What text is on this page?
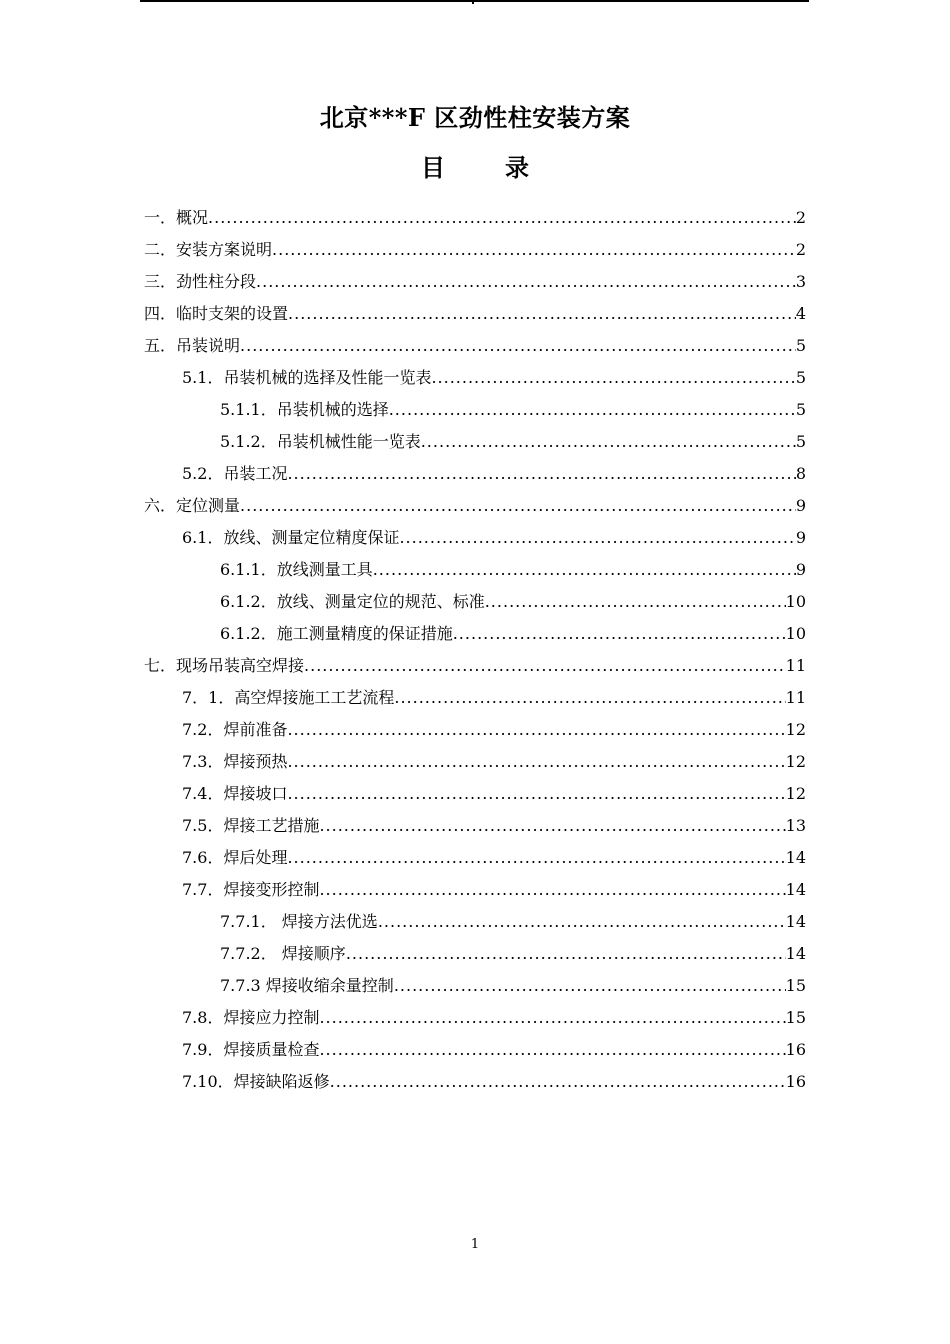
北京***F 区劲性柱安装方案
目	录
一．概况 .....	2
二．安装方案说明 .....	2
三．劲性柱分段 .....	3
四．临时支架的设置 .....	4
五．吊装说明 .....	5
5.1．吊装机械的选择及性能一览表 .....	5
5.1.1．吊装机械的选择 .....	5
5.1.2．吊装机械性能一览表 .....	5
5.2．吊装工况 .....	8
六．定位测量 .....	9
6.1．放线、测量定位精度保证 .....	9
6.1.1．放线测量工具 .....	9
6.1.2．放线、测量定位的规范、标准 .....	10
6.1.2．施工测量精度的保证措施 .....	10
七．现场吊装高空焊接 .....	11
7．1．高空焊接施工工艺流程 .....	11
7.2．焊前准备 .....	12
7.3．焊接预热 .....	12
7.4．焊接坡口 .....	12
7.5．焊接工艺措施 .....	13
7.6．焊后处理 .....	14
7.7．焊接变形控制 .....	14
7.7.1． 焊接方法优选 .....	14
7.7.2． 焊接顺序 .....	14
7.7.3 焊接收缩余量控制 .....	15
7.8．焊接应力控制 .....	15
7.9．焊接质量检查 .....	16
7.10．焊接缺陷返修 .....	16
1
